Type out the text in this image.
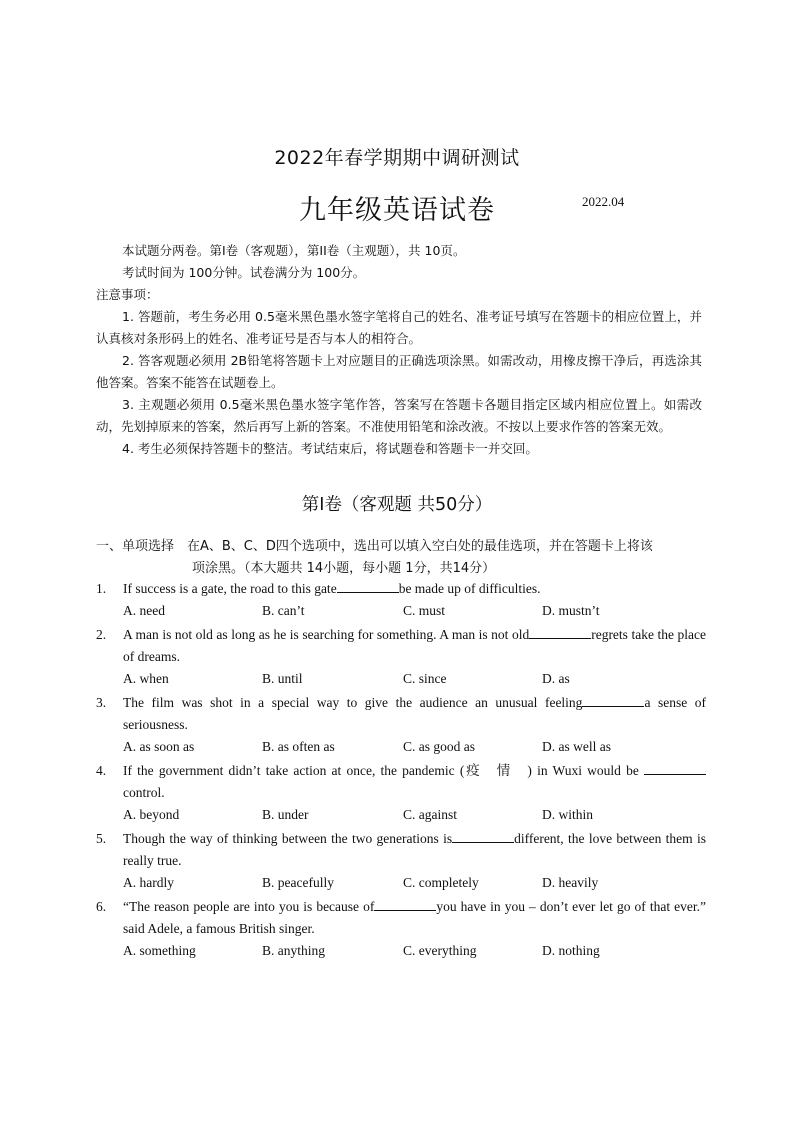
2022年春学期期中调研测试
九年级英语试卷	2022.04

本试题分两卷。第I卷（客观题），第II卷（主观题），共 10页。

考试时间为 100分钟。试卷满分为 100分。

注意事项：

1. 答题前，考生务必用 0.5毫米黑色墨水签字笔将自己的姓名、准考证号填写在答题卡的相应位置上，并认真核对条形码上的姓名、准考证号是否与本人的相符合。

2. 答客观题必须用 2B铅笔将答题卡上对应题目的正确选项涂黑。如需改动，用橡皮擦干净后，再选涂其他答案。答案不能答在试题卷上。

3. 主观题必须用 0.5毫米黑色墨水签字笔作答，答案写在答题卡各题目指定区域内相应位置上。如需改动，先划掉原来的答案，然后再写上新的答案。不准使用铅笔和涂改液。不按以上要求作答的答案无效。

4. 考生必须保持答题卡的整洁。考试结束后，将试题卷和答题卡一并交回。

第I卷（客观题 共50分）
一、单项选择　在A、B、C、D四个选项中，选出可以填入空白处的最佳选项，并在答题卡上将该
项涂黑。（本大题共 14小题，每小题 1分，共14分）
1. If success is a gate, the road to this gate	be made up of difficulties.
A. need	B. can’t	C. must	D. mustn’t
2. A man is not old as long as he is searching for something. A man is not old	regrets take the place of dreams.
A. when	B. until	C. since	D. as
3. The film was shot in a special way to give the audience an unusual feeling	a sense of seriousness.
A. as soon as	B. as often as	C. as good as	D. as well as
4. If the government didn’t take action at once, the pandemic (疫　情　) in Wuxi would be  control.
A. beyond	B. under	C. against	D. within
5. Though the way of thinking between the two generations is	different, the love between them is really true.
A. hardly	B. peacefully	C. completely	D. heavily
6. “The reason people are into you is because of	you have in you – don’t ever let go of that ever.” said Adele, a famous British singer.
A. something	B. anything	C. everything	D. nothing
